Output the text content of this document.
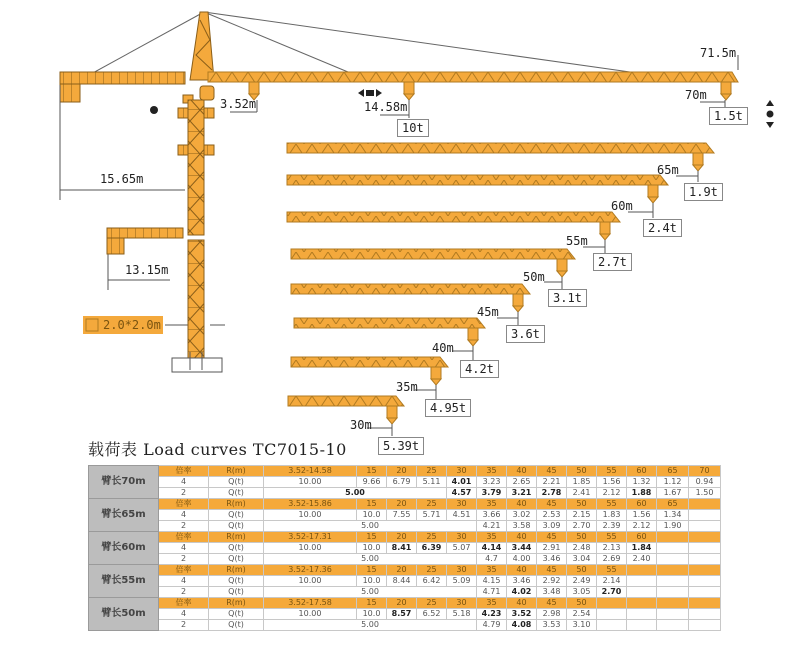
71.5m
3.52m	14.58m
10t
70m
1.5t
15.65m
13.15m
2.0*2.0m
65m
1.9t
60m
2.4t
55m
2.7t
50m
3.1t
45m
3.6t
40m
4.2t
35m
4.95t
30m
5.39t
载荷表 Load curves TC7015-10
臂长70m	倍率	R(m)	3.52-14.58	15	20	25	30	35	40	45	50	55	60	65	70
	4	Q(t)	10.00	9.66	6.79	5.11	4.01	3.23	2.65	2.21	1.85	1.56	1.32	1.12	0.94
	2	Q(t)	5.00				4.57	3.79	3.21	2.78	2.41	2.12	1.88	1.67	1.50
臂长65m	倍率	R(m)	3.52-15.86	15	20	25	30	35	40	45	50	55	60	65	
	4	Q(t)	10.00	10.0	7.55	5.71	4.51	3.66	3.02	2.53	2.15	1.83	1.56	1.34	
	2	Q(t)	5.00					4.21	3.58	3.09	2.70	2.39	2.12	1.90	
臂长60m	倍率	R(m)	3.52-17.31	15	20	25	30	35	40	45	50	55	60		
	4	Q(t)	10.00	10.0	8.41	6.39	5.07	4.14	3.44	2.91	2.48	2.13	1.84		
	2	Q(t)	5.00					4.7	4.00	3.46	3.04	2.69	2.40		
臂长55m	倍率	R(m)	3.52-17.36	15	20	25	30	35	40	45	50	55			
	4	Q(t)	10.00	10.0	8.44	6.42	5.09	4.15	3.46	2.92	2.49	2.14			
	2	Q(t)	5.00					4.71	4.02	3.48	3.05	2.70			
臂长50m	倍率	R(m)	3.52-17.58	15	20	25	30	35	40	45	50				
	4	Q(t)	10.00	10.0	8.57	6.52	5.18	4.23	3.52	2.98	2.54				
	2	Q(t)	5.00					4.79	4.08	3.53	3.10				
